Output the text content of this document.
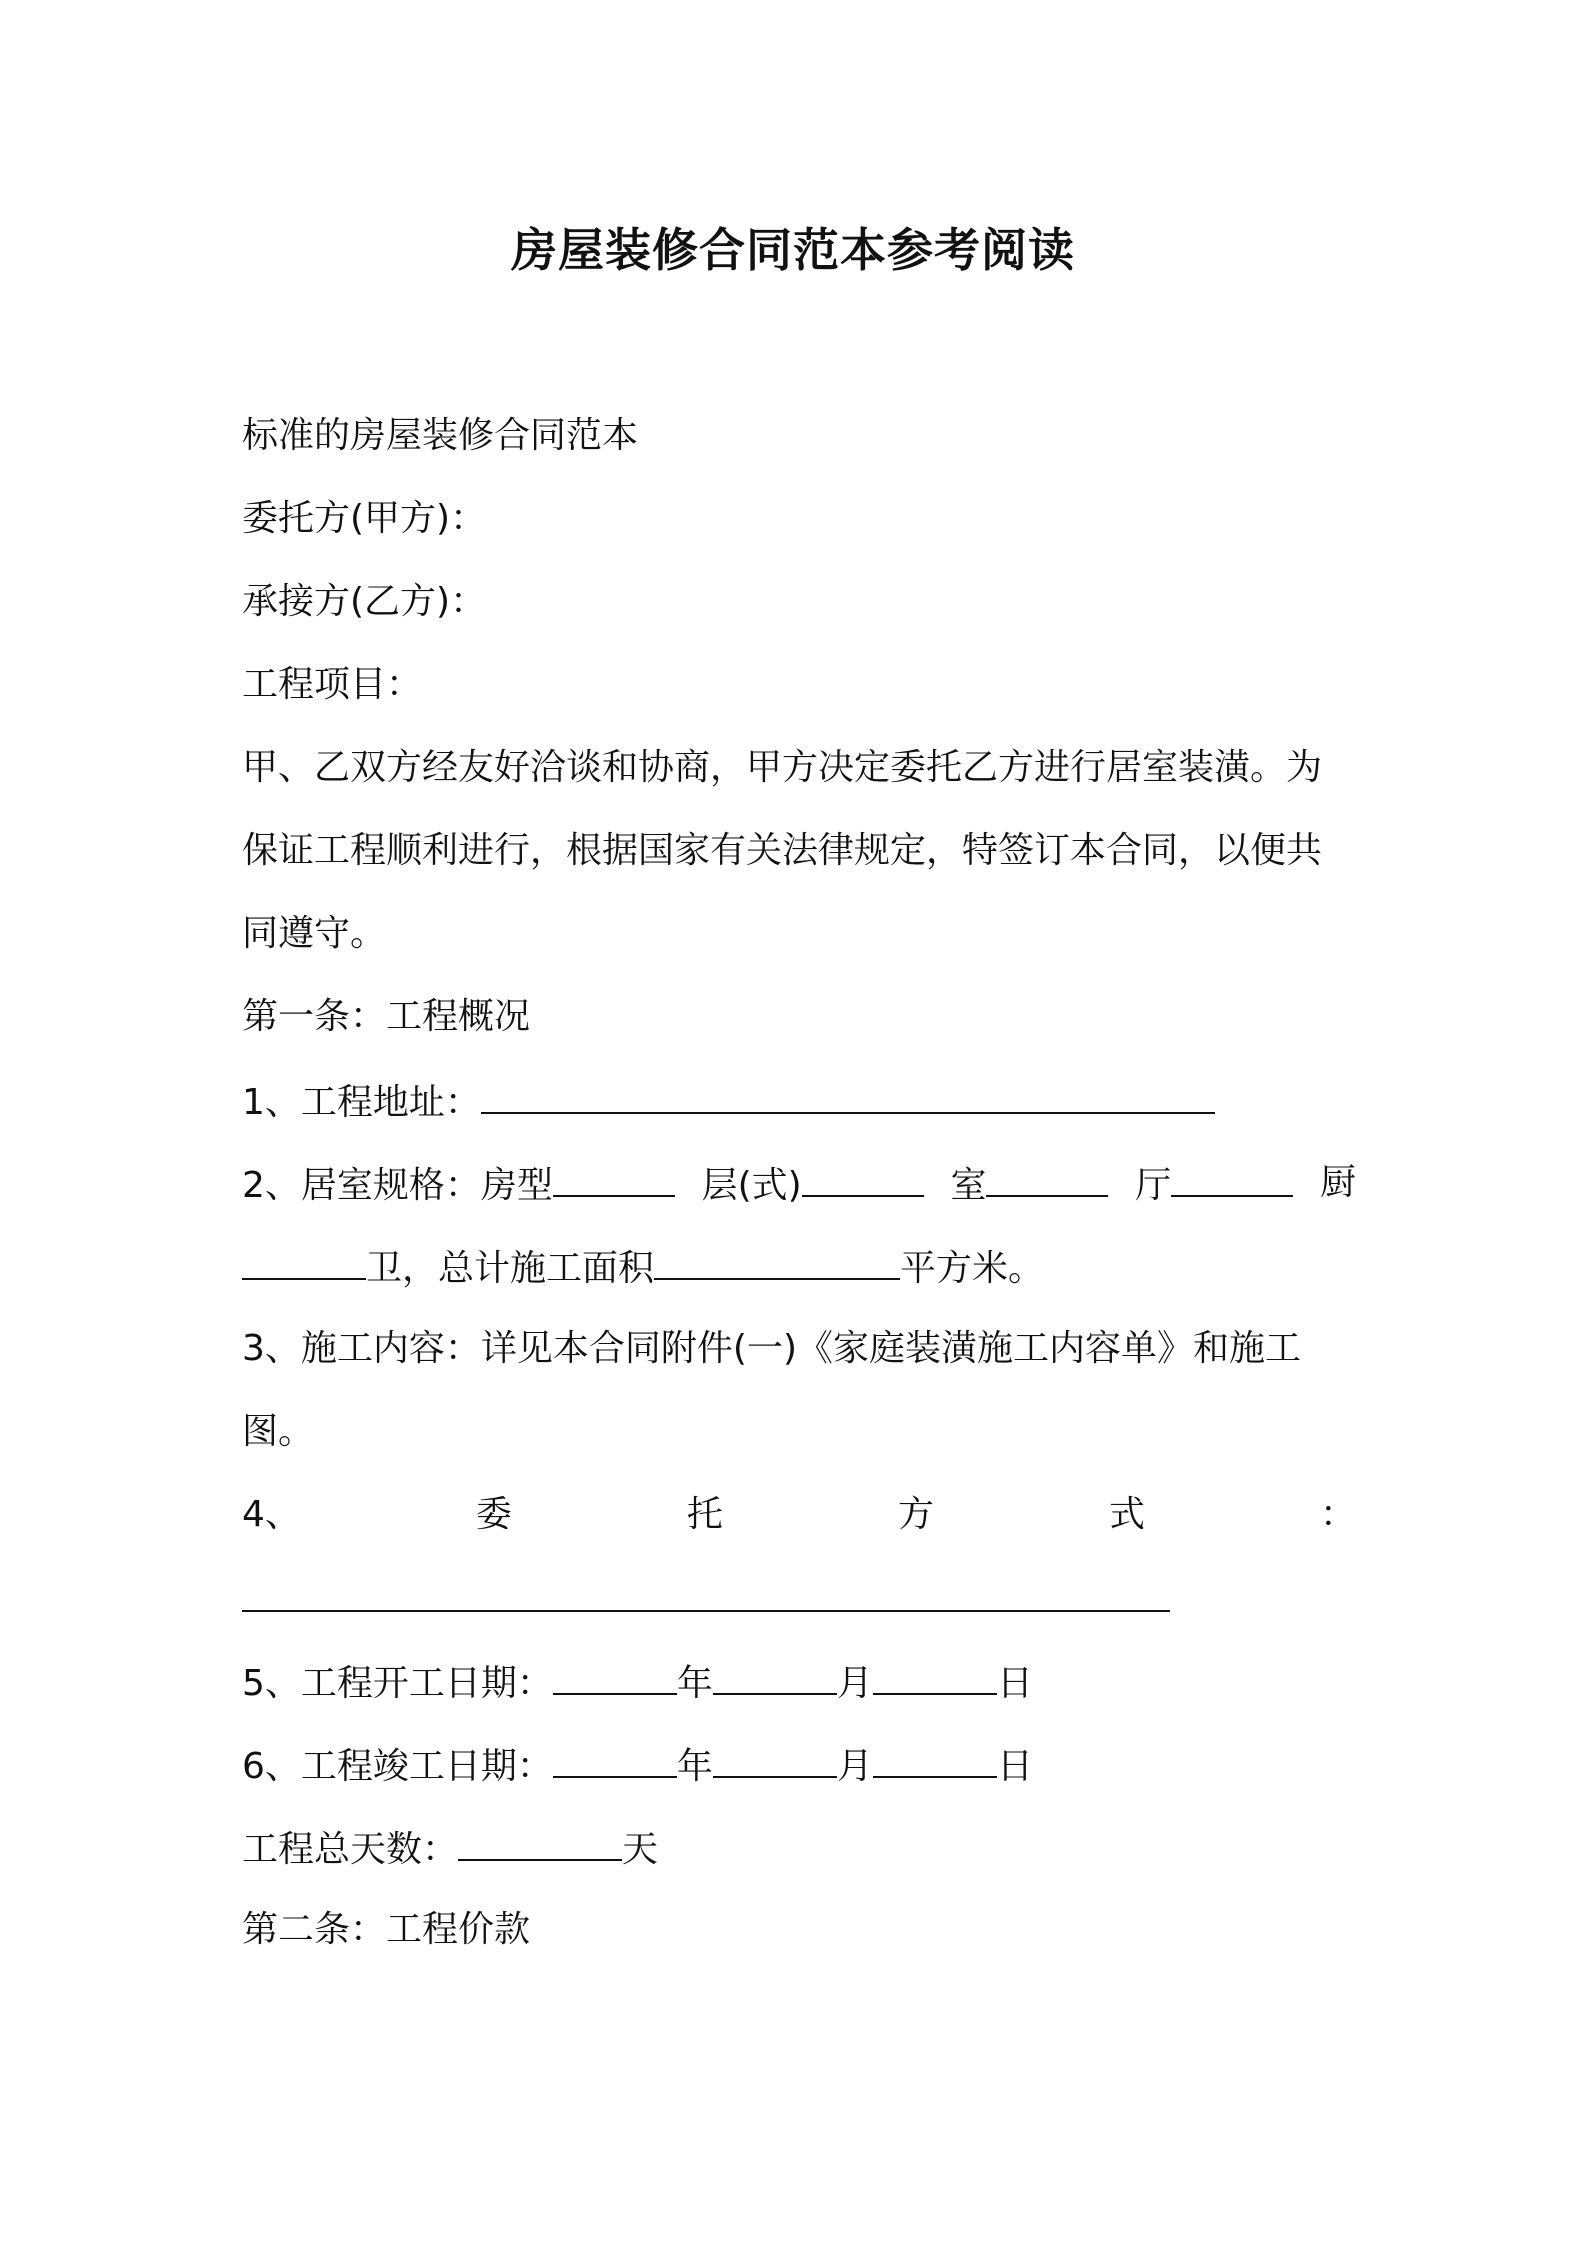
房屋装修合同范本参考阅读
标准的房屋装修合同范本
委托方(甲方)：
承接方(乙方)：
工程项目：
甲、乙双方经友好洽谈和协商，甲方决定委托乙方进行居室装潢。为
保证工程顺利进行，根据国家有关法律规定，特签订本合同，以便共
同遵守。
第一条：工程概况
1、工程地址：
2、居室规格：房型	层(式)	室	厅	厨
卫，总计施工面积	平方米。
3、施工内容：详见本合同附件(一)《家庭装潢施工内容单》和施工
图。
4、	委	托	方	式	：
5、工程开工日期：	年	月	日
6、工程竣工日期：	年	月	日
工程总天数：	天
第二条：工程价款
